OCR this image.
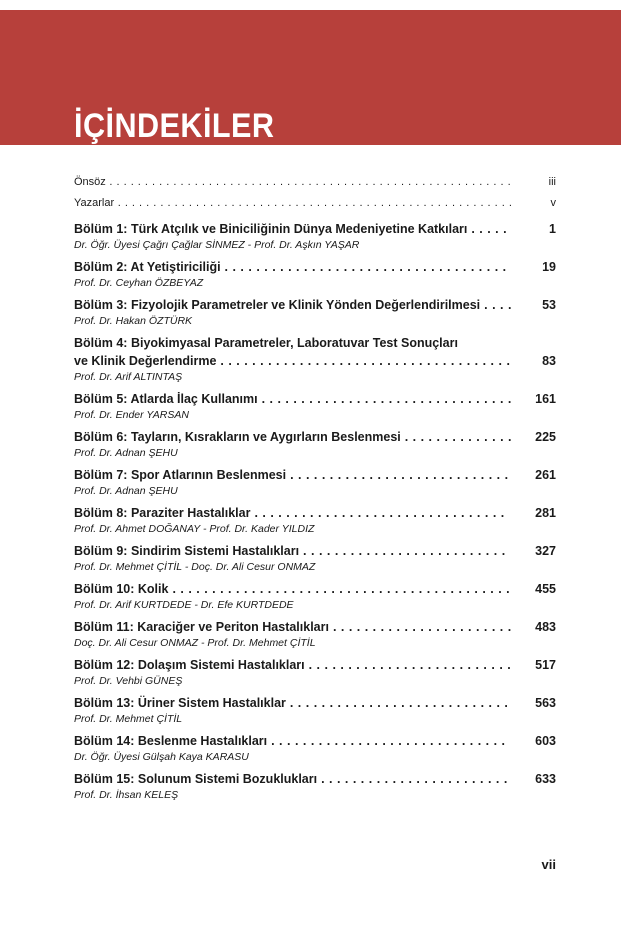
İÇİNDEKİLER
Önsöz . . . . . . . . . . . . . . . . . . . . . . . . . . . . . . . . . . . . . . . . . . . . . . . . . . . . . . . . .	iii
Yazarlar . . . . . . . . . . . . . . . . . . . . . . . . . . . . . . . . . . . . . . . . . . . . . . . . . . . . . . . .	v
Bölüm 1: Türk Atçılık ve Biniciliğinin Dünya Medeniyetine Katkıları . . . . .	1
Dr. Öğr. Üyesi Çağrı Çağlar SİNMEZ - Prof. Dr. Aşkın YAŞAR
Bölüm 2: At Yetiştiriciliği . . . . . . . . . . . . . . . . . . . . . . . . . . . . . . . . . . . .	19
Prof. Dr. Ceyhan ÖZBEYAZ
Bölüm 3: Fizyolojik Parametreler ve Klinik Yönden Değerlendirilmesi . . . .	53
Prof. Dr. Hakan ÖZTÜRK
Bölüm 4: Biyokimyasal Parametreler, Laboratuvar Test Sonuçları
ve Klinik Değerlendirme . . . . . . . . . . . . . . . . . . . . . . . . . . . . . . . . . . . . .	83
Prof. Dr. Arif ALTINTAŞ
Bölüm 5: Atlarda İlaç Kullanımı . . . . . . . . . . . . . . . . . . . . . . . . . . . . . . . .	161
Prof. Dr. Ender YARSAN
Bölüm 6: Tayların, Kısrakların ve Aygırların Beslenmesi . . . . . . . . . . . . . .	225
Prof. Dr. Adnan ŞEHU
Bölüm 7: Spor Atlarının Beslenmesi . . . . . . . . . . . . . . . . . . . . . . . . . . . .	261
Prof. Dr. Adnan ŞEHU
Bölüm 8: Paraziter Hastalıklar . . . . . . . . . . . . . . . . . . . . . . . . . . . . . . . .	281
Prof. Dr. Ahmet DOĞANAY - Prof. Dr. Kader YILDIZ
Bölüm 9: Sindirim Sistemi Hastalıkları . . . . . . . . . . . . . . . . . . . . . . . . . .	327
Prof. Dr. Mehmet ÇİTİL - Doç. Dr. Ali Cesur ONMAZ
Bölüm 10: Kolik . . . . . . . . . . . . . . . . . . . . . . . . . . . . . . . . . . . . . . . . . . .	455
Prof. Dr. Arif KURTDEDE - Dr. Efe KURTDEDE
Bölüm 11: Karaciğer ve Periton Hastalıkları . . . . . . . . . . . . . . . . . . . . . . .	483
Doç. Dr. Ali Cesur ONMAZ - Prof. Dr. Mehmet ÇİTİL
Bölüm 12: Dolaşım Sistemi Hastalıkları . . . . . . . . . . . . . . . . . . . . . . . . . .	517
Prof. Dr. Vehbi GÜNEŞ
Bölüm 13: Üriner Sistem Hastalıklar . . . . . . . . . . . . . . . . . . . . . . . . . . . .	563
Prof. Dr. Mehmet ÇİTİL
Bölüm 14: Beslenme Hastalıkları . . . . . . . . . . . . . . . . . . . . . . . . . . . . . .	603
Dr. Öğr. Üyesi Gülşah Kaya KARASU
Bölüm 15: Solunum Sistemi Bozuklukları . . . . . . . . . . . . . . . . . . . . . . . .	633
Prof. Dr. İhsan KELEŞ
vii
